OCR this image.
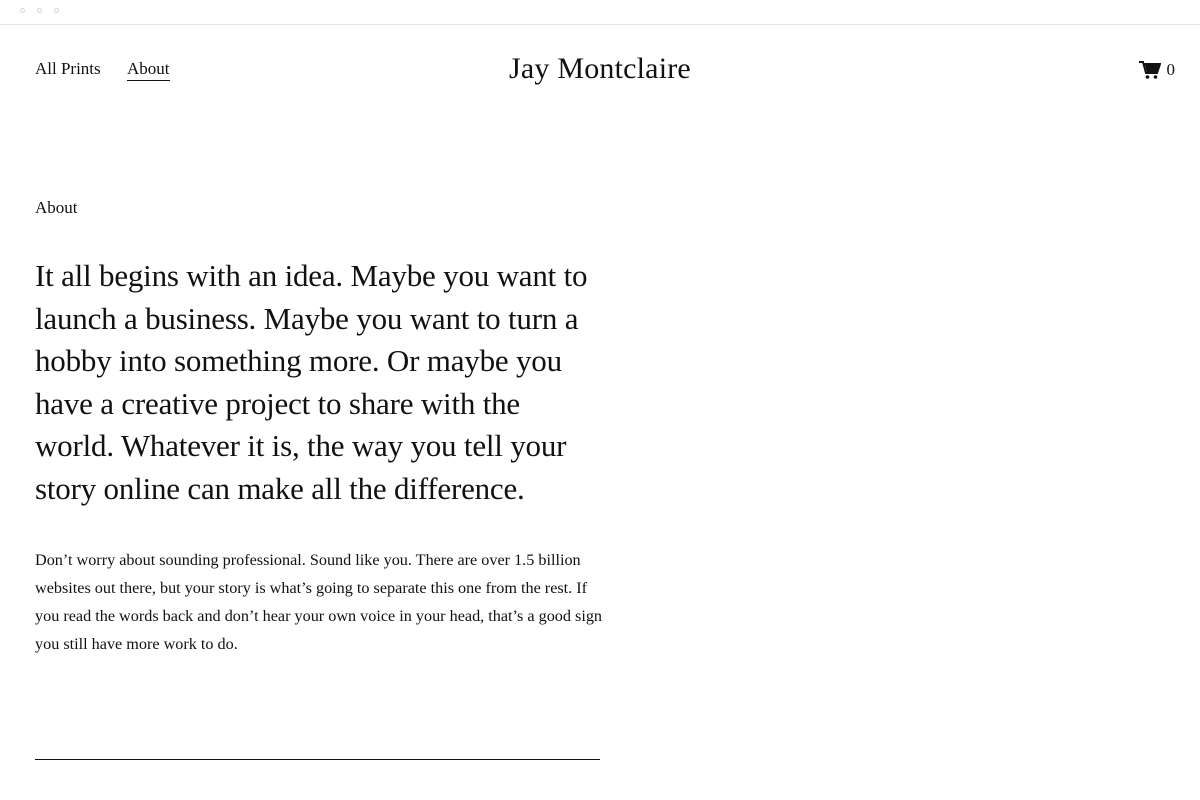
All Prints About	Jay Montclaire	0
About

It all begins with an idea. Maybe you want to launch a business. Maybe you want to turn a hobby into something more. Or maybe you have a creative project to share with the world. Whatever it is, the way you tell your story online can make all the difference.

Don’t worry about sounding professional. Sound like you. There are over 1.5 billion websites out there, but your story is what’s going to separate this one from the rest. If you read the words back and don’t hear your own voice in your head, that’s a good sign you still have more work to do.
